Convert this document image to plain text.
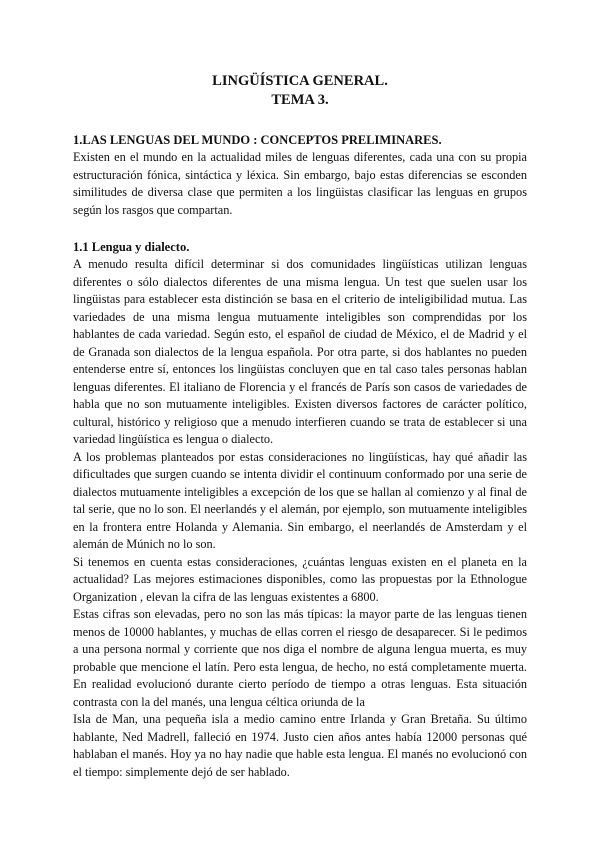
LINGÜÍSTICA GENERAL.

TEMA 3.

1.LAS LENGUAS DEL MUNDO : CONCEPTOS PRELIMINARES.

Existen en el mundo en la actualidad miles de lenguas diferentes, cada una con su propia estructuración fónica, sintáctica y léxica. Sin embargo, bajo estas diferencias se esconden similitudes de diversa clase que permiten a los lingüistas clasificar las lenguas en grupos según los rasgos que compartan.

1.1 Lengua y dialecto.

A menudo resulta difícil determinar si dos comunidades lingüísticas utilizan lenguas diferentes o sólo dialectos diferentes de una misma lengua. Un test que suelen usar los lingüistas para establecer esta distinción se basa en el criterio de inteligibilidad mutua. Las variedades de una misma lengua mutuamente inteligibles son comprendidas por los hablantes de cada variedad. Según esto, el español de ciudad de México, el de Madrid y el de Granada son dialectos de la lengua española. Por otra parte, si dos hablantes no pueden entenderse entre sí, entonces los lingüistas concluyen que en tal caso tales personas hablan lenguas diferentes. El italiano de Florencia y el francés de París son casos de variedades de habla que no son mutuamente inteligibles. Existen diversos factores de carácter político, cultural, histórico y religioso que a menudo interfieren cuando se trata de establecer si una variedad lingüística es lengua o dialecto.

A los problemas planteados por estas consideraciones no lingüísticas, hay qué añadir las dificultades que surgen cuando se intenta dividir el continuum conformado por una serie de dialectos mutuamente inteligibles a excepción de los que se hallan al comienzo y al final de tal serie, que no lo son. El neerlandés y el alemán, por ejemplo, son mutuamente inteligibles en la frontera entre Holanda y Alemania. Sin embargo, el neerlandés de Amsterdam y el alemán de Múnich no lo son.

Si tenemos en cuenta estas consideraciones, ¿cuántas lenguas existen en el planeta en la actualidad? Las mejores estimaciones disponibles, como las propuestas por la Ethnologue Organization , elevan la cifra de las lenguas existentes a 6800.

Estas cifras son elevadas, pero no son las más típicas: la mayor parte de las lenguas tienen menos de 10000 hablantes, y muchas de ellas corren el riesgo de desaparecer. Si le pedimos a una persona normal y corriente que nos diga el nombre de alguna lengua muerta, es muy probable que mencione el latín. Pero esta lengua, de hecho, no está completamente muerta. En realidad evolucionó durante cierto período de tiempo a otras lenguas. Esta situación contrasta con la del manés, una lengua céltica oriunda de la

Isla de Man, una pequeña isla a medio camino entre Irlanda y Gran Bretaña. Su último hablante, Ned Madrell, falleció en 1974. Justo cien años antes había 12000 personas qué hablaban el manés. Hoy ya no hay nadie que hable esta lengua. El manés no evolucionó con el tiempo: simplemente dejó de ser hablado.
